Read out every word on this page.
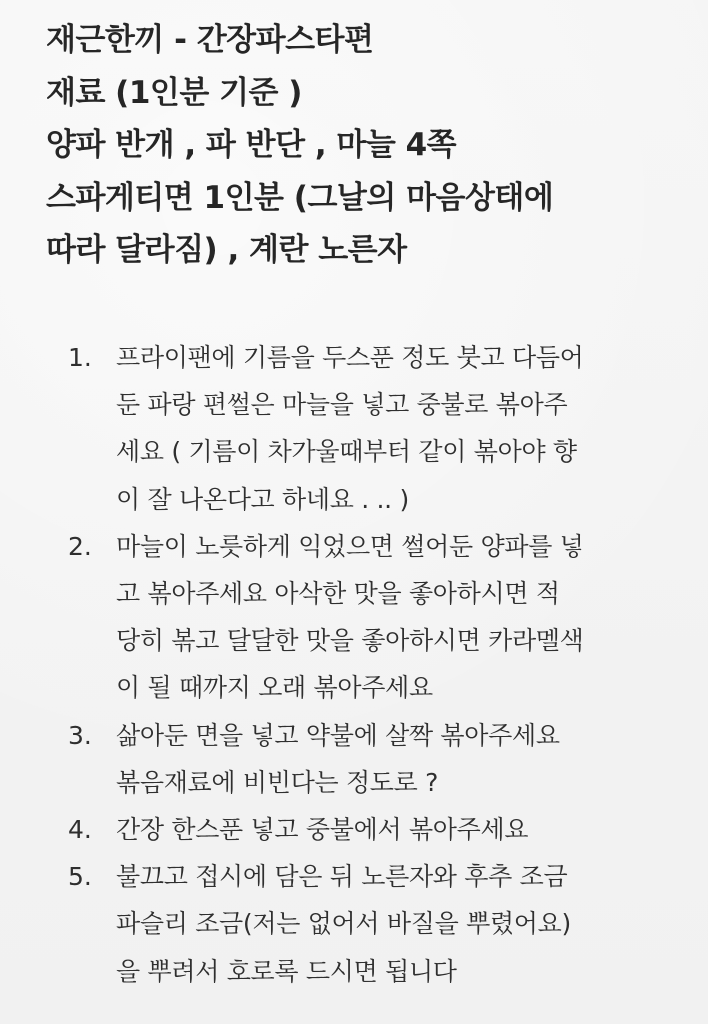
재근한끼 - 간장파스타편
재료 (1인분 기준 )
양파 반개 , 파 반단 , 마늘 4쪽
스파게티면 1인분 (그날의 마음상태에
따라 달라짐) , 계란 노른자
1. 프라이팬에 기름을 두스푼 정도 붓고 다듬어
둔 파랑 편썰은 마늘을 넣고 중불로 볶아주
세요 ( 기름이 차가울때부터 같이 볶아야 향
이 잘 나온다고 하네요 . .. )
2. 마늘이 노릇하게 익었으면 썰어둔 양파를 넣
고 볶아주세요 아삭한 맛을 좋아하시면 적
당히 볶고 달달한 맛을 좋아하시면 카라멜색
이 될 때까지 오래 볶아주세요
3. 삶아둔 면을 넣고 약불에 살짝 볶아주세요
볶음재료에 비빈다는 정도로 ?
4. 간장 한스푼 넣고 중불에서 볶아주세요
5. 불끄고 접시에 담은 뒤 노른자와 후추 조금
파슬리 조금(저는 없어서 바질을 뿌렸어요)
을 뿌려서 호로록 드시면 됩니다
